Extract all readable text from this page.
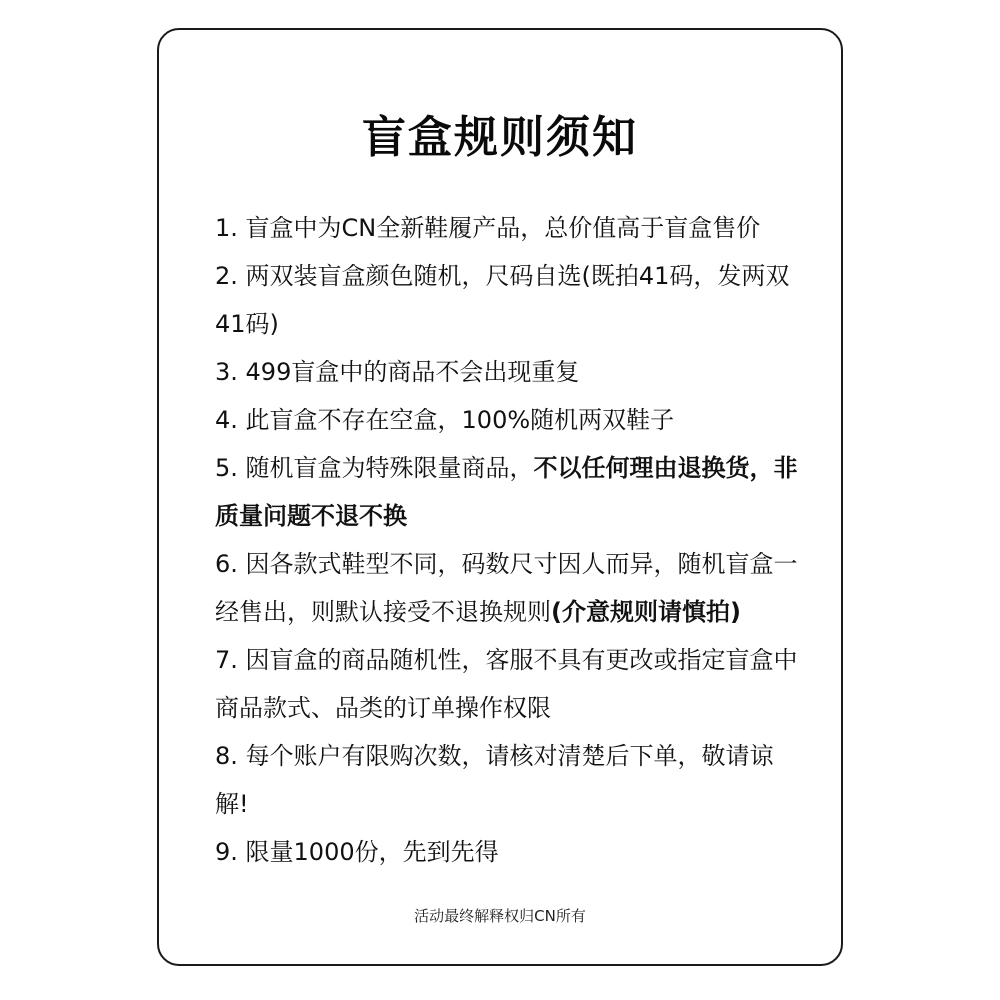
盲盒规则须知
1. 盲盒中为CN全新鞋履产品，总价值高于盲盒售价
2. 两双装盲盒颜色随机，尺码自选(既拍41码，发两双41码)
3. 499盲盒中的商品不会出现重复
4. 此盲盒不存在空盒，100%随机两双鞋子
5. 随机盲盒为特殊限量商品，不以任何理由退换货，非质量问题不退不换
6. 因各款式鞋型不同，码数尺寸因人而异，随机盲盒一经售出，则默认接受不退换规则(介意规则请慎拍)
7. 因盲盒的商品随机性，客服不具有更改或指定盲盒中商品款式、品类的订单操作权限
8. 每个账户有限购次数，请核对清楚后下单，敬请谅解!
9. 限量1000份，先到先得
活动最终解释权归CN所有
